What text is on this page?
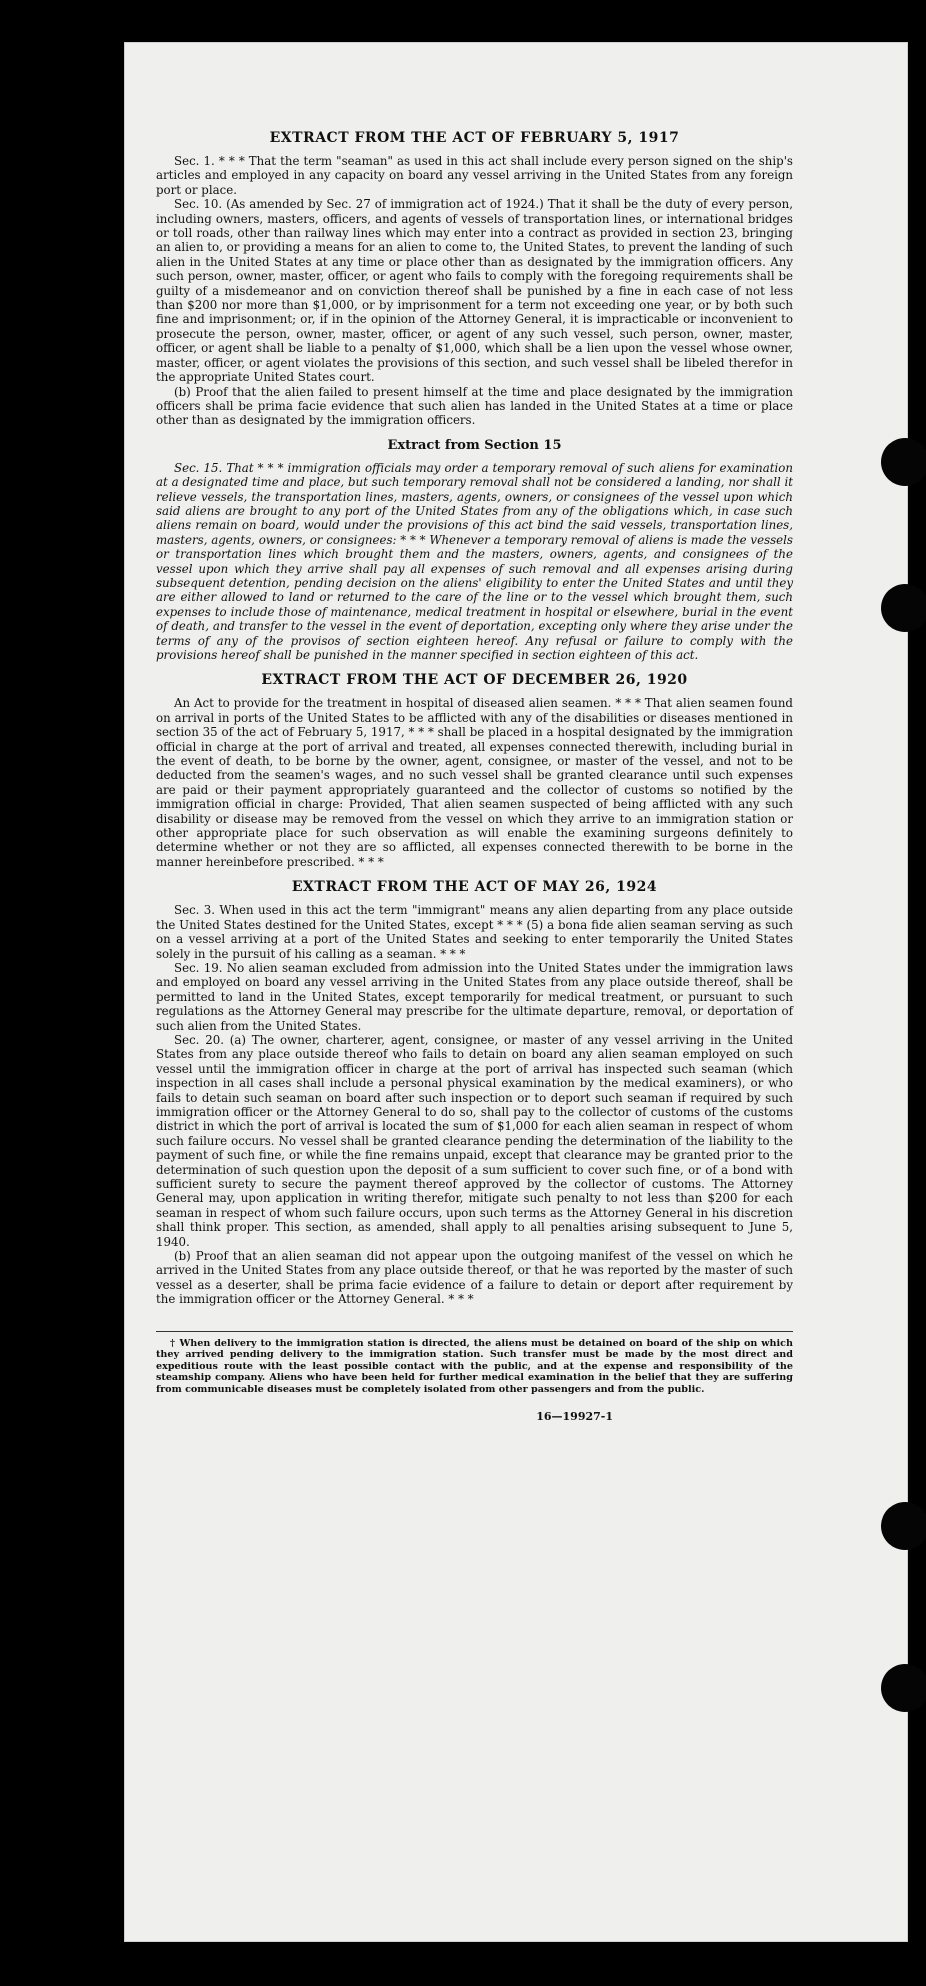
EXTRACT FROM THE ACT OF FEBRUARY 5, 1917

Sec. 1. * * * That the term "seaman" as used in this act shall include every person signed on the ship's articles and employed in any capacity on board any vessel arriving in the United States from any foreign port or place.

Sec. 10. (As amended by Sec. 27 of immigration act of 1924.) That it shall be the duty of every person, including owners, masters, officers, and agents of vessels of transportation lines, or international bridges or toll roads, other than railway lines which may enter into a contract as provided in section 23, bringing an alien to, or providing a means for an alien to come to, the United States, to prevent the landing of such alien in the United States at any time or place other than as designated by the immigration officers. Any such person, owner, master, officer, or agent who fails to comply with the foregoing requirements shall be guilty of a misdemeanor and on conviction thereof shall be punished by a fine in each case of not less than $200 nor more than $1,000, or by imprisonment for a term not exceeding one year, or by both such fine and imprisonment; or, if in the opinion of the Attorney General, it is impracticable or inconvenient to prosecute the person, owner, master, officer, or agent of any such vessel, such person, owner, master, officer, or agent shall be liable to a penalty of $1,000, which shall be a lien upon the vessel whose owner, master, officer, or agent violates the provisions of this section, and such vessel shall be libeled therefor in the appropriate United States court.

(b) Proof that the alien failed to present himself at the time and place designated by the immigration officers shall be prima facie evidence that such alien has landed in the United States at a time or place other than as designated by the immigration officers.

Extract from Section 15

Sec. 15. That * * * immigration officials may order a temporary removal of such aliens for examination at a designated time and place, but such temporary removal shall not be considered a landing, nor shall it relieve vessels, the transportation lines, masters, agents, owners, or consignees of the vessel upon which said aliens are brought to any port of the United States from any of the obligations which, in case such aliens remain on board, would under the provisions of this act bind the said vessels, transportation lines, masters, agents, owners, or consignees: * * * Whenever a temporary removal of aliens is made the vessels or transportation lines which brought them and the masters, owners, agents, and consignees of the vessel upon which they arrive shall pay all expenses of such removal and all expenses arising during subsequent detention, pending decision on the aliens' eligibility to enter the United States and until they are either allowed to land or returned to the care of the line or to the vessel which brought them, such expenses to include those of maintenance, medical treatment in hospital or elsewhere, burial in the event of death, and transfer to the vessel in the event of deportation, excepting only where they arise under the terms of any of the provisos of section eighteen hereof. Any refusal or failure to comply with the provisions hereof shall be punished in the manner specified in section eighteen of this act.

EXTRACT FROM THE ACT OF DECEMBER 26, 1920

An Act to provide for the treatment in hospital of diseased alien seamen. * * * That alien seamen found on arrival in ports of the United States to be afflicted with any of the disabilities or diseases mentioned in section 35 of the act of February 5, 1917, * * * shall be placed in a hospital designated by the immigration official in charge at the port of arrival and treated, all expenses connected therewith, including burial in the event of death, to be borne by the owner, agent, consignee, or master of the vessel, and not to be deducted from the seamen's wages, and no such vessel shall be granted clearance until such expenses are paid or their payment appropriately guaranteed and the collector of customs so notified by the immigration official in charge: Provided, That alien seamen suspected of being afflicted with any such disability or disease may be removed from the vessel on which they arrive to an immigration station or other appropriate place for such observation as will enable the examining surgeons definitely to determine whether or not they are so afflicted, all expenses connected therewith to be borne in the manner hereinbefore prescribed. * * *

EXTRACT FROM THE ACT OF MAY 26, 1924

Sec. 3. When used in this act the term "immigrant" means any alien departing from any place outside the United States destined for the United States, except * * * (5) a bona fide alien seaman serving as such on a vessel arriving at a port of the United States and seeking to enter temporarily the United States solely in the pursuit of his calling as a seaman. * * *

Sec. 19. No alien seaman excluded from admission into the United States under the immigration laws and employed on board any vessel arriving in the United States from any place outside thereof, shall be permitted to land in the United States, except temporarily for medical treatment, or pursuant to such regulations as the Attorney General may prescribe for the ultimate departure, removal, or deportation of such alien from the United States.

Sec. 20. (a) The owner, charterer, agent, consignee, or master of any vessel arriving in the United States from any place outside thereof who fails to detain on board any alien seaman employed on such vessel until the immigration officer in charge at the port of arrival has inspected such seaman (which inspection in all cases shall include a personal physical examination by the medical examiners), or who fails to detain such seaman on board after such inspection or to deport such seaman if required by such immigration officer or the Attorney General to do so, shall pay to the collector of customs of the customs district in which the port of arrival is located the sum of $1,000 for each alien seaman in respect of whom such failure occurs. No vessel shall be granted clearance pending the determination of the liability to the payment of such fine, or while the fine remains unpaid, except that clearance may be granted prior to the determination of such question upon the deposit of a sum sufficient to cover such fine, or of a bond with sufficient surety to secure the payment thereof approved by the collector of customs. The Attorney General may, upon application in writing therefor, mitigate such penalty to not less than $200 for each seaman in respect of whom such failure occurs, upon such terms as the Attorney General in his discretion shall think proper. This section, as amended, shall apply to all penalties arising subsequent to June 5, 1940.

(b) Proof that an alien seaman did not appear upon the outgoing manifest of the vessel on which he arrived in the United States from any place outside thereof, or that he was reported by the master of such vessel as a deserter, shall be prima facie evidence of a failure to detain or deport after requirement by the immigration officer or the Attorney General. * * *

† When delivery to the immigration station is directed, the aliens must be detained on board of the ship on which they arrived pending delivery to the immigration station. Such transfer must be made by the most direct and expeditious route with the least possible contact with the public, and at the expense and responsibility of the steamship company. Aliens who have been held for further medical examination in the belief that they are suffering from communicable diseases must be completely isolated from other passengers and from the public.
16—19927-1
